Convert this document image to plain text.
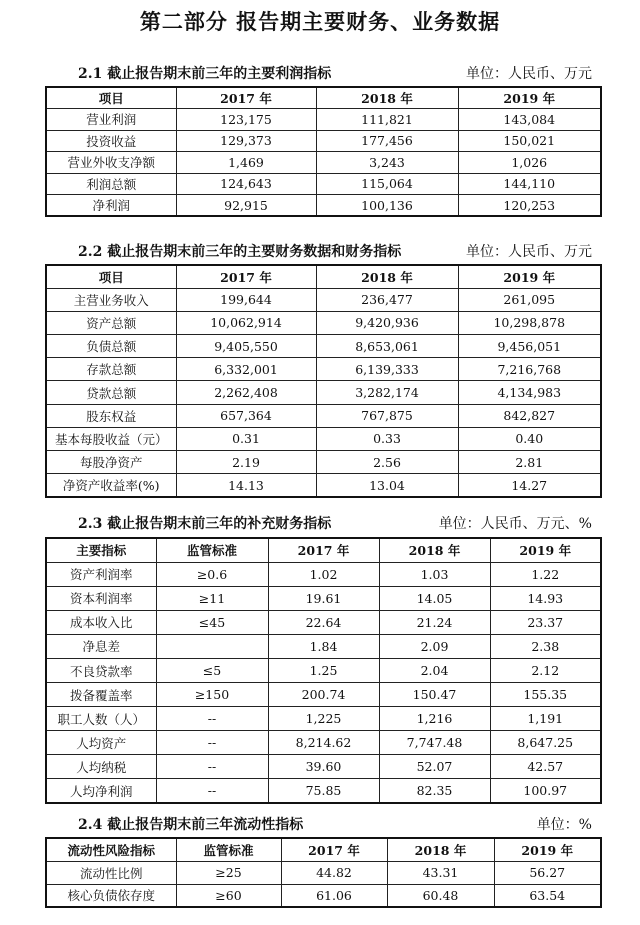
第二部分 报告期主要财务、业务数据
2.1 截止报告期末前三年的主要利润指标	单位：人民币、万元
项目	2017 年	2018 年	2019 年
营业利润	123,175	111,821	143,084
投资收益	129,373	177,456	150,021
营业外收支净额	1,469	3,243	1,026
利润总额	124,643	115,064	144,110
净利润	92,915	100,136	120,253
2.2 截止报告期末前三年的主要财务数据和财务指标	单位：人民币、万元
项目	2017 年	2018 年	2019 年
主营业务收入	199,644	236,477	261,095
资产总额	10,062,914	9,420,936	10,298,878
负债总额	9,405,550	8,653,061	9,456,051
存款总额	6,332,001	6,139,333	7,216,768
贷款总额	2,262,408	3,282,174	4,134,983
股东权益	657,364	767,875	842,827
基本每股收益（元）	0.31	0.33	0.40
每股净资产	2.19	2.56	2.81
净资产收益率(%)	14.13	13.04	14.27
2.3 截止报告期末前三年的补充财务指标	单位：人民币、万元、%
主要指标	监管标准	2017 年	2018 年	2019 年
资产利润率	≥0.6	1.02	1.03	1.22
资本利润率	≥11	19.61	14.05	14.93
成本收入比	≤45	22.64	21.24	23.37
净息差		1.84	2.09	2.38
不良贷款率	≤5	1.25	2.04	2.12
拨备覆盖率	≥150	200.74	150.47	155.35
职工人数（人）	--	1,225	1,216	1,191
人均资产	--	8,214.62	7,747.48	8,647.25
人均纳税	--	39.60	52.07	42.57
人均净利润	--	75.85	82.35	100.97
2.4 截止报告期末前三年流动性指标	单位：%
流动性风险指标	监管标准	2017 年	2018 年	2019 年
流动性比例	≥25	44.82	43.31	56.27
核心负债依存度	≥60	61.06	60.48	63.54
